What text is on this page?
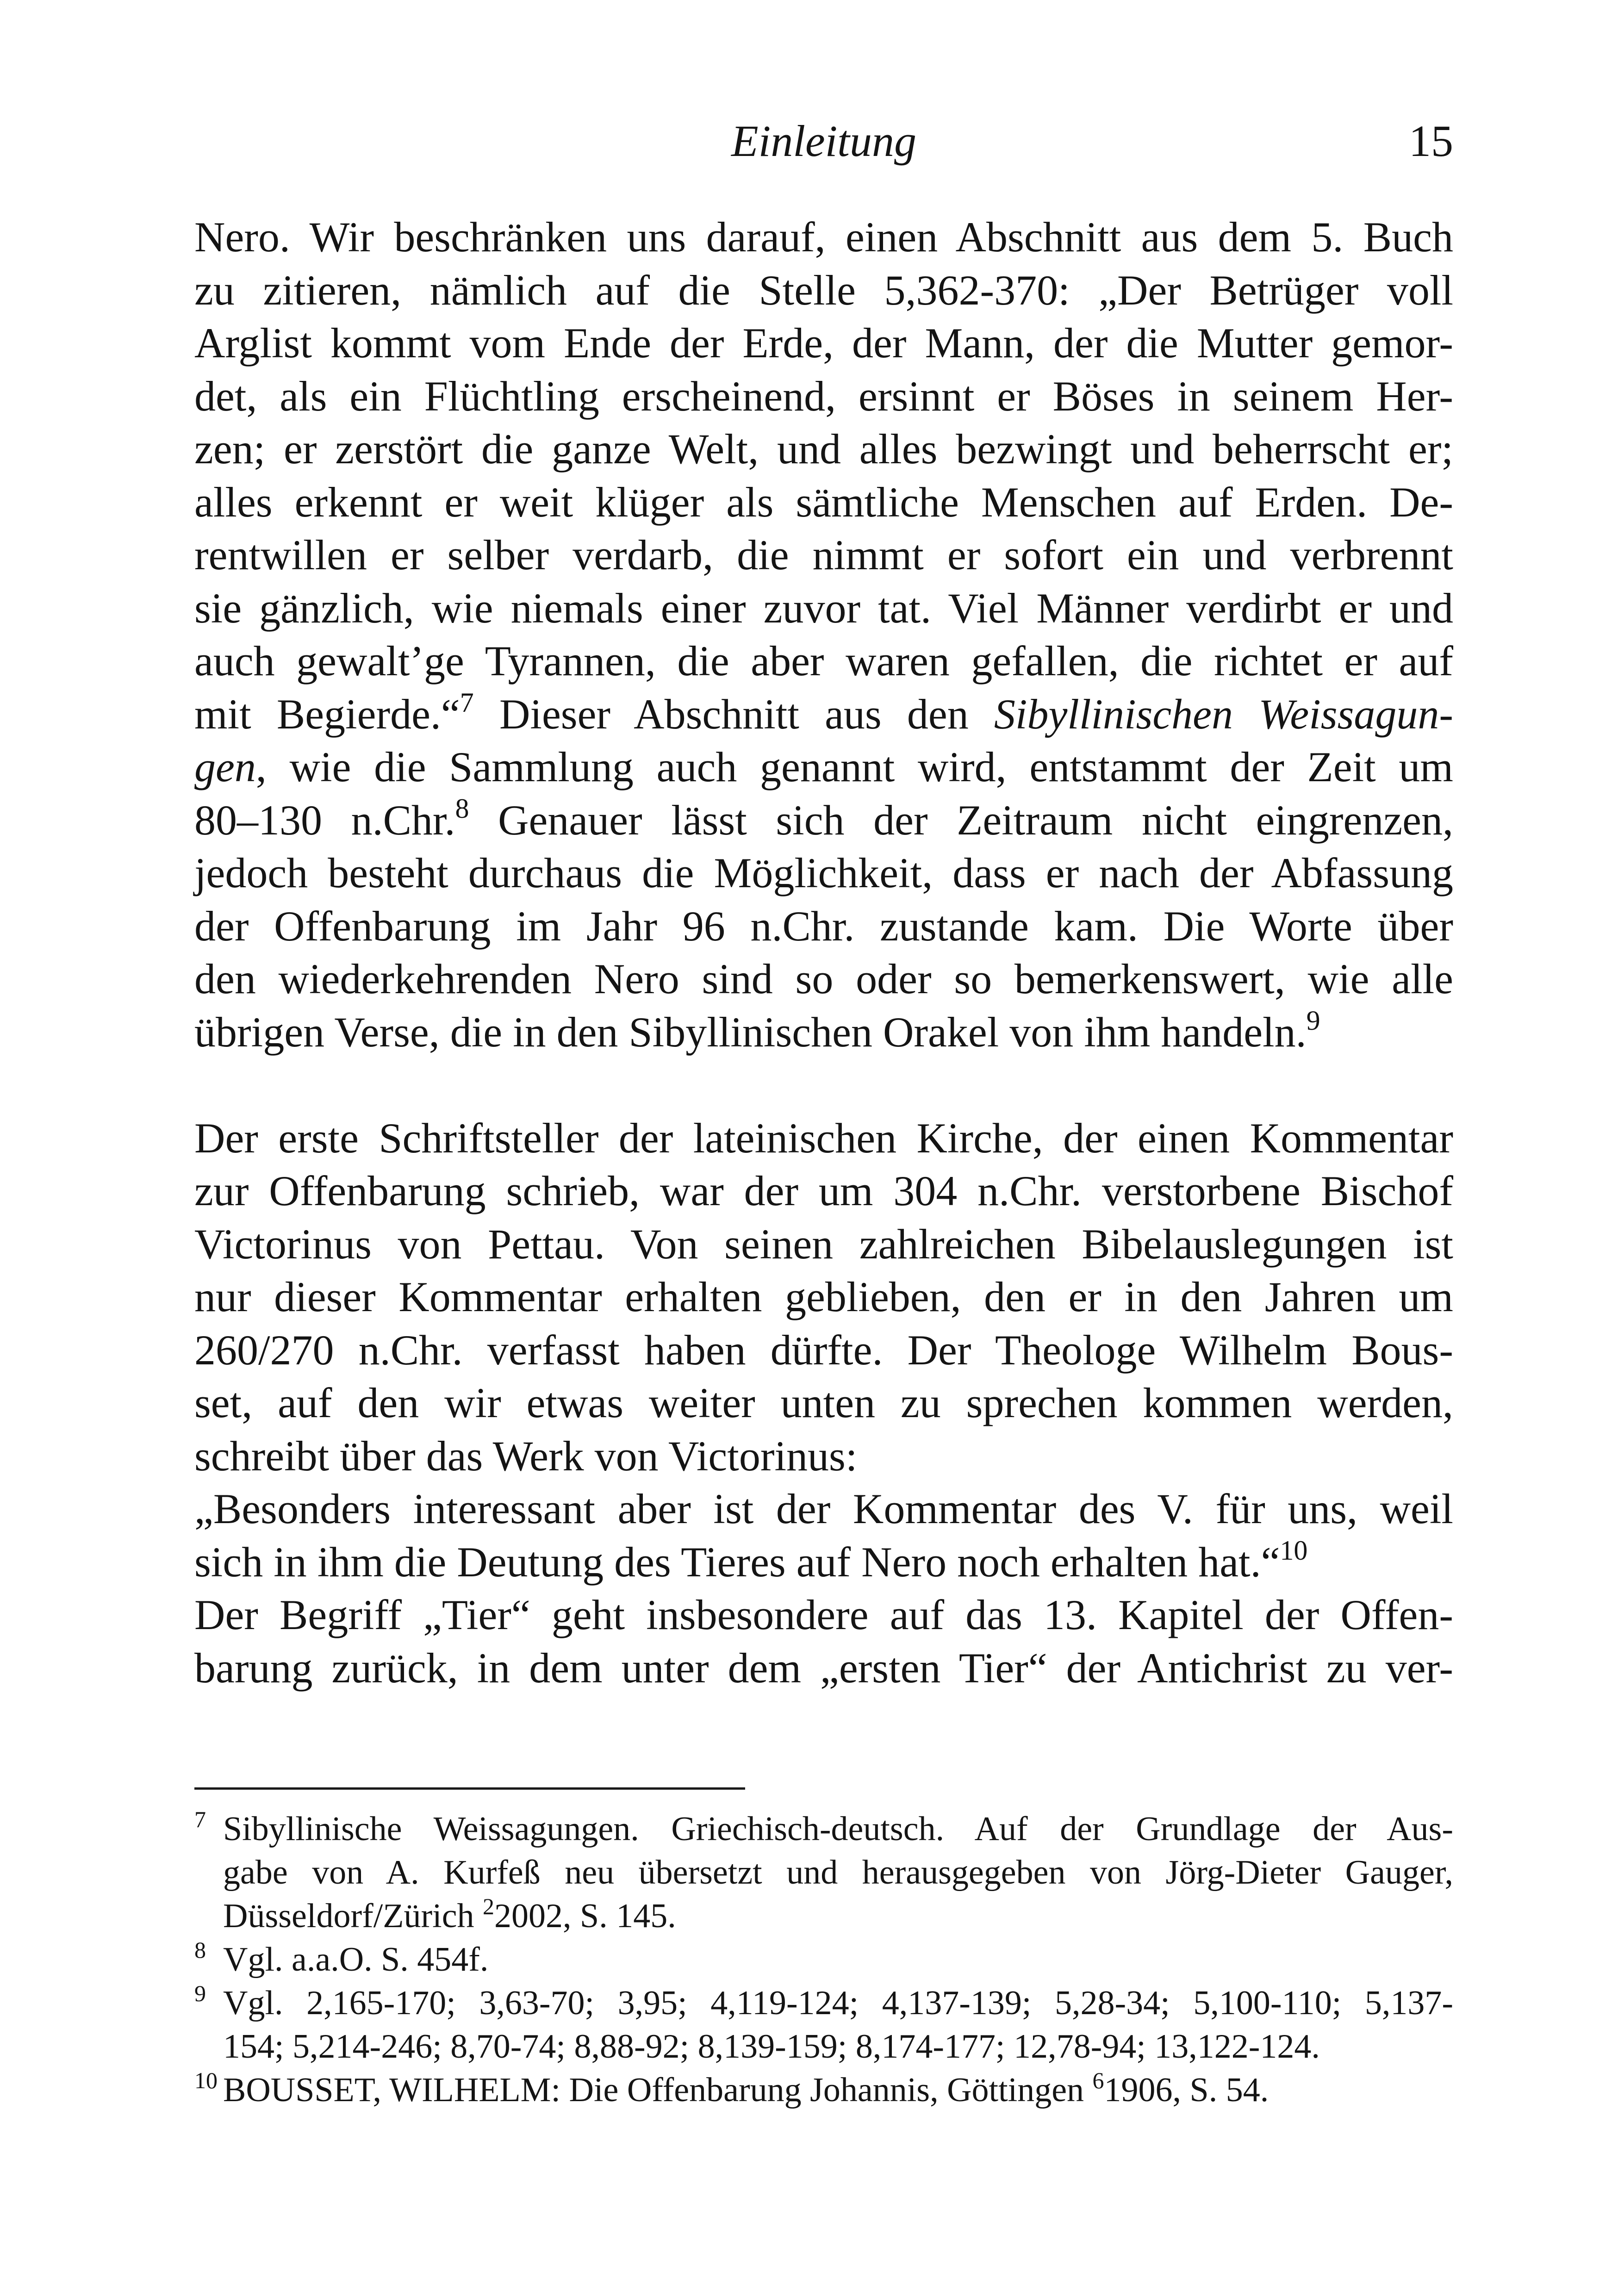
Einleitung	15
Nero. Wir beschränken uns darauf, einen Abschnitt aus dem 5. Buch
zu zitieren, nämlich auf die Stelle 5,362-370: „Der Betrüger voll
Arglist kommt vom Ende der Erde, der Mann, der die Mutter gemor-
det, als ein Flüchtling erscheinend, ersinnt er Böses in seinem Her-
zen; er zerstört die ganze Welt, und alles bezwingt und beherrscht er;
alles erkennt er weit klüger als sämtliche Menschen auf Erden. De-
rentwillen er selber verdarb, die nimmt er sofort ein und verbrennt
sie gänzlich, wie niemals einer zuvor tat. Viel Männer verdirbt er und
auch gewalt’ge Tyrannen, die aber waren gefallen, die richtet er auf
mit Begierde.“$^7$ Dieser Abschnitt aus den Sibyllinischen Weissagun-
gen, wie die Sammlung auch genannt wird, entstammt der Zeit um
80–130 n.Chr.$^8$ Genauer lässt sich der Zeitraum nicht eingrenzen,
jedoch besteht durchaus die Möglichkeit, dass er nach der Abfassung
der Offenbarung im Jahr 96 n.Chr. zustande kam. Die Worte über
den wiederkehrenden Nero sind so oder so bemerkenswert, wie alle
übrigen Verse, die in den Sibyllinischen Orakel von ihm handeln.$^9$
Der erste Schriftsteller der lateinischen Kirche, der einen Kommentar
zur Offenbarung schrieb, war der um 304 n.Chr. verstorbene Bischof
Victorinus von Pettau. Von seinen zahlreichen Bibelauslegungen ist
nur dieser Kommentar erhalten geblieben, den er in den Jahren um
260/270 n.Chr. verfasst haben dürfte. Der Theologe Wilhelm Bous-
set, auf den wir etwas weiter unten zu sprechen kommen werden,
schreibt über das Werk von Victorinus:
„Besonders interessant aber ist der Kommentar des V. für uns, weil
sich in ihm die Deutung des Tieres auf Nero noch erhalten hat.“$^{10}$
Der Begriff „Tier“ geht insbesondere auf das 13. Kapitel der Offen-
barung zurück, in dem unter dem „ersten Tier“ der Antichrist zu ver-
$^7$ Sibyllinische Weissagungen. Griechisch-deutsch. Auf der Grundlage der Aus-
gabe von A. Kurfeß neu übersetzt und herausgegeben von Jörg-Dieter Gauger,
Düsseldorf/Zürich $^2$2002, S. 145.
$^8$ Vgl. a.a.O. S. 454f.
$^9$ Vgl. 2,165-170; 3,63-70; 3,95; 4,119-124; 4,137-139; 5,28-34; 5,100-110; 5,137-
154; 5,214-246; 8,70-74; 8,88-92; 8,139-159; 8,174-177; 12,78-94; 13,122-124.
$^{10}$ BOUSSET, WILHELM: Die Offenbarung Johannis, Göttingen $^6$1906, S. 54.
